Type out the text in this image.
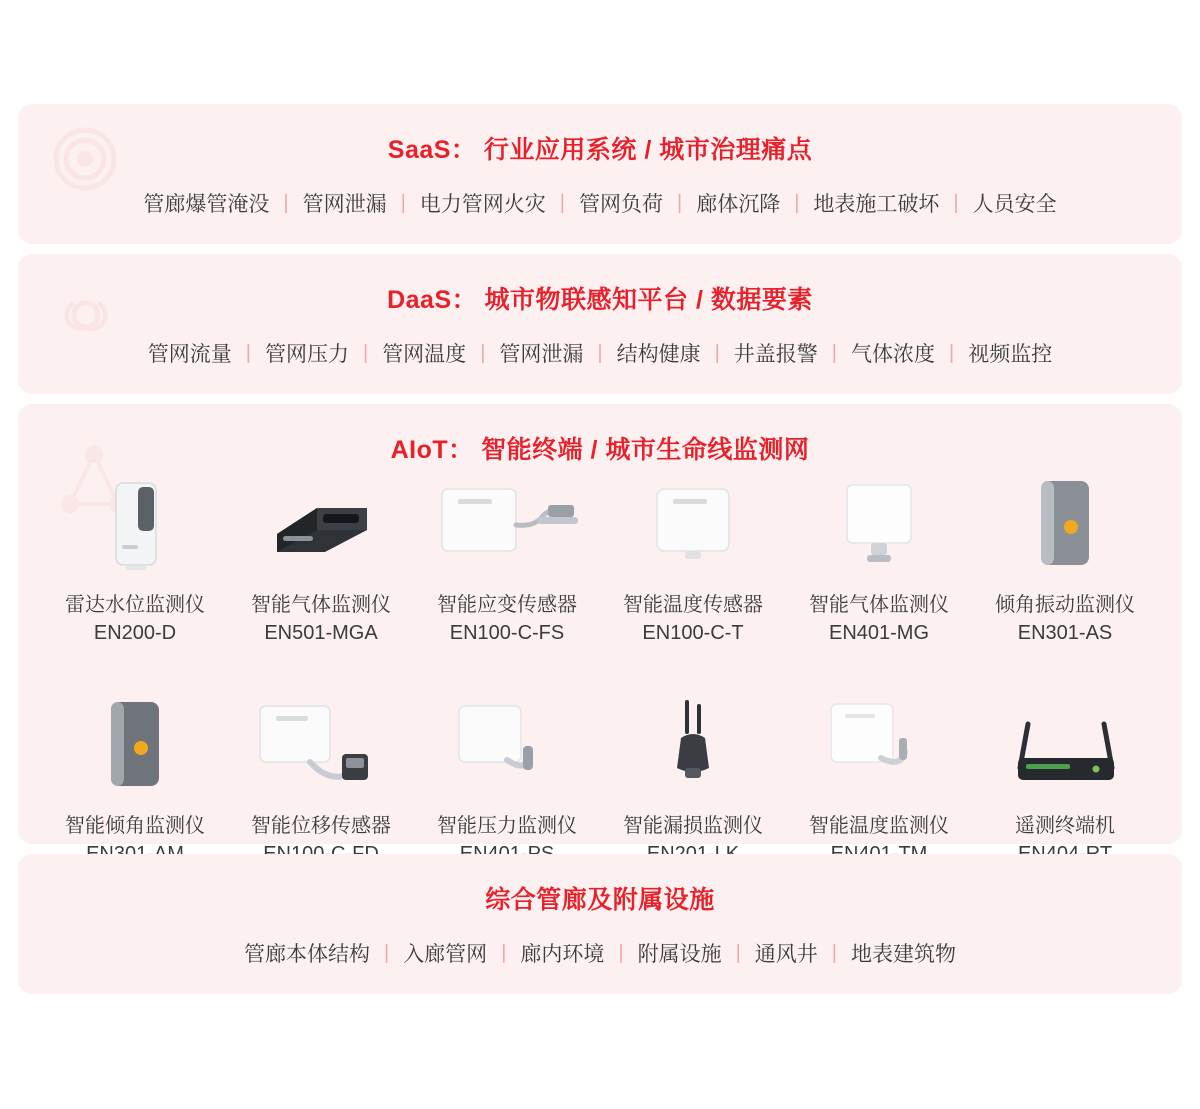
SaaS： 行业应用系统 / 城市治理痛点
管廊爆管淹没 | 管网泄漏 | 电力管网火灾 | 管网负荷 | 廊体沉降 | 地表施工破坏 | 人员安全
DaaS： 城市物联感知平台 / 数据要素
管网流量 | 管网压力 | 管网温度 | 管网泄漏 | 结构健康 | 井盖报警 | 气体浓度 | 视频监控
AIoT： 智能终端 / 城市生命线监测网
雷达水位监测仪
EN200-D
智能气体监测仪
EN501-MGA
智能应变传感器
EN100-C-FS
智能温度传感器
EN100-C-T
智能气体监测仪
EN401-MG
倾角振动监测仪
EN301-AS
智能倾角监测仪 智能位移传感器 智能压力监测仪 智能漏损监测仪 智能温度监测仪	遥测终端机
综合管廊及附属设施
管廊本体结构 | 入廊管网 | 廊内环境 | 附属设施 | 通风井 | 地表建筑物
